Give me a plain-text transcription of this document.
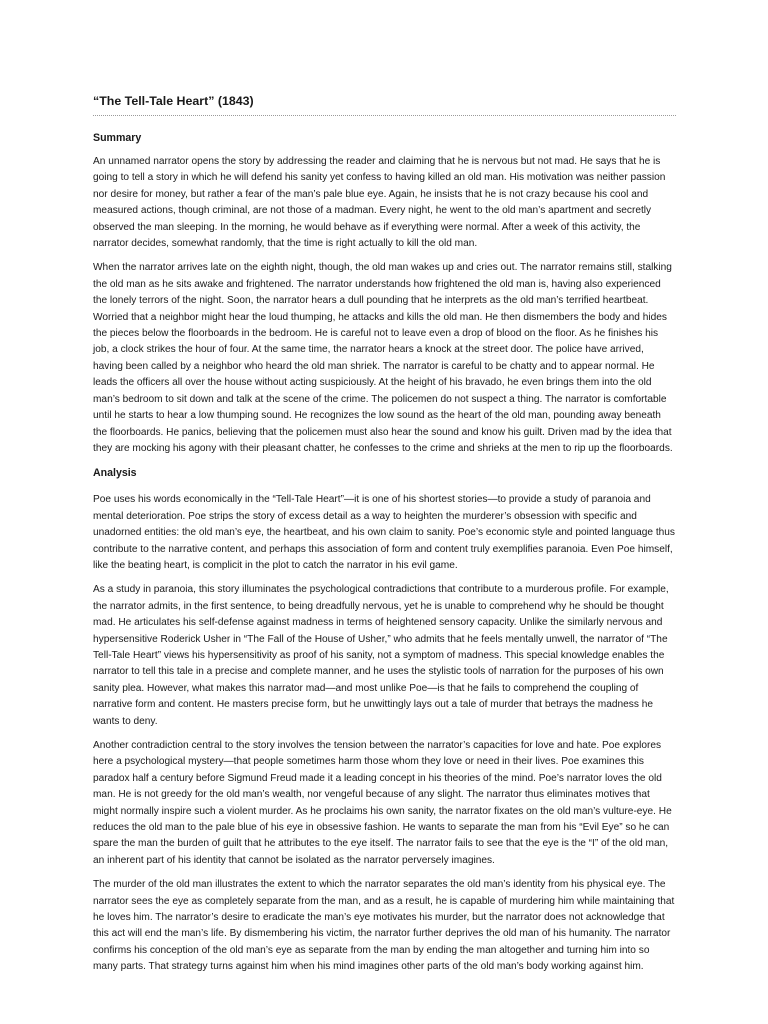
“The Tell-Tale Heart” (1843)
Summary

An unnamed narrator opens the story by addressing the reader and claiming that he is nervous but not mad. He says that he is going to tell a story in which he will defend his sanity yet confess to having killed an old man. His motivation was neither passion nor desire for money, but rather a fear of the man’s pale blue eye. Again, he insists that he is not crazy because his cool and measured actions, though criminal, are not those of a madman. Every night, he went to the old man’s apartment and secretly observed the man sleeping. In the morning, he would behave as if everything were normal. After a week of this activity, the narrator decides, somewhat randomly, that the time is right actually to kill the old man.

When the narrator arrives late on the eighth night, though, the old man wakes up and cries out. The narrator remains still, stalking the old man as he sits awake and frightened. The narrator understands how frightened the old man is, having also experienced the lonely terrors of the night. Soon, the narrator hears a dull pounding that he interprets as the old man’s terrified heartbeat. Worried that a neighbor might hear the loud thumping, he attacks and kills the old man. He then dismembers the body and hides the pieces below the floorboards in the bedroom. He is careful not to leave even a drop of blood on the floor. As he finishes his job, a clock strikes the hour of four. At the same time, the narrator hears a knock at the street door. The police have arrived, having been called by a neighbor who heard the old man shriek. The narrator is careful to be chatty and to appear normal. He leads the officers all over the house without acting suspiciously. At the height of his bravado, he even brings them into the old man’s bedroom to sit down and talk at the scene of the crime. The policemen do not suspect a thing. The narrator is comfortable until he starts to hear a low thumping sound. He recognizes the low sound as the heart of the old man, pounding away beneath the floorboards. He panics, believing that the policemen must also hear the sound and know his guilt. Driven mad by the idea that they are mocking his agony with their pleasant chatter, he confesses to the crime and shrieks at the men to rip up the floorboards.

Analysis

Poe uses his words economically in the “Tell-Tale Heart”—it is one of his shortest stories—to provide a study of paranoia and mental deterioration. Poe strips the story of excess detail as a way to heighten the murderer’s obsession with specific and unadorned entities: the old man’s eye, the heartbeat, and his own claim to sanity. Poe’s economic style and pointed language thus contribute to the narrative content, and perhaps this association of form and content truly exemplifies paranoia. Even Poe himself, like the beating heart, is complicit in the plot to catch the narrator in his evil game.

As a study in paranoia, this story illuminates the psychological contradictions that contribute to a murderous profile. For example, the narrator admits, in the first sentence, to being dreadfully nervous, yet he is unable to comprehend why he should be thought mad. He articulates his self-defense against madness in terms of heightened sensory capacity. Unlike the similarly nervous and hypersensitive Roderick Usher in “The Fall of the House of Usher,” who admits that he feels mentally unwell, the narrator of “The Tell-Tale Heart” views his hypersensitivity as proof of his sanity, not a symptom of madness. This special knowledge enables the narrator to tell this tale in a precise and complete manner, and he uses the stylistic tools of narration for the purposes of his own sanity plea. However, what makes this narrator mad—and most unlike Poe—is that he fails to comprehend the coupling of narrative form and content. He masters precise form, but he unwittingly lays out a tale of murder that betrays the madness he wants to deny.

Another contradiction central to the story involves the tension between the narrator’s capacities for love and hate. Poe explores here a psychological mystery—that people sometimes harm those whom they love or need in their lives. Poe examines this paradox half a century before Sigmund Freud made it a leading concept in his theories of the mind. Poe’s narrator loves the old man. He is not greedy for the old man’s wealth, nor vengeful because of any slight. The narrator thus eliminates motives that might normally inspire such a violent murder. As he proclaims his own sanity, the narrator fixates on the old man’s vulture-eye. He reduces the old man to the pale blue of his eye in obsessive fashion. He wants to separate the man from his “Evil Eye” so he can spare the man the burden of guilt that he attributes to the eye itself. The narrator fails to see that the eye is the “I” of the old man, an inherent part of his identity that cannot be isolated as the narrator perversely imagines.

The murder of the old man illustrates the extent to which the narrator separates the old man’s identity from his physical eye. The narrator sees the eye as completely separate from the man, and as a result, he is capable of murdering him while maintaining that he loves him. The narrator’s desire to eradicate the man’s eye motivates his murder, but the narrator does not acknowledge that this act will end the man’s life. By dismembering his victim, the narrator further deprives the old man of his humanity. The narrator confirms his conception of the old man’s eye as separate from the man by ending the man altogether and turning him into so many parts. That strategy turns against him when his mind imagines other parts of the old man’s body working against him.
